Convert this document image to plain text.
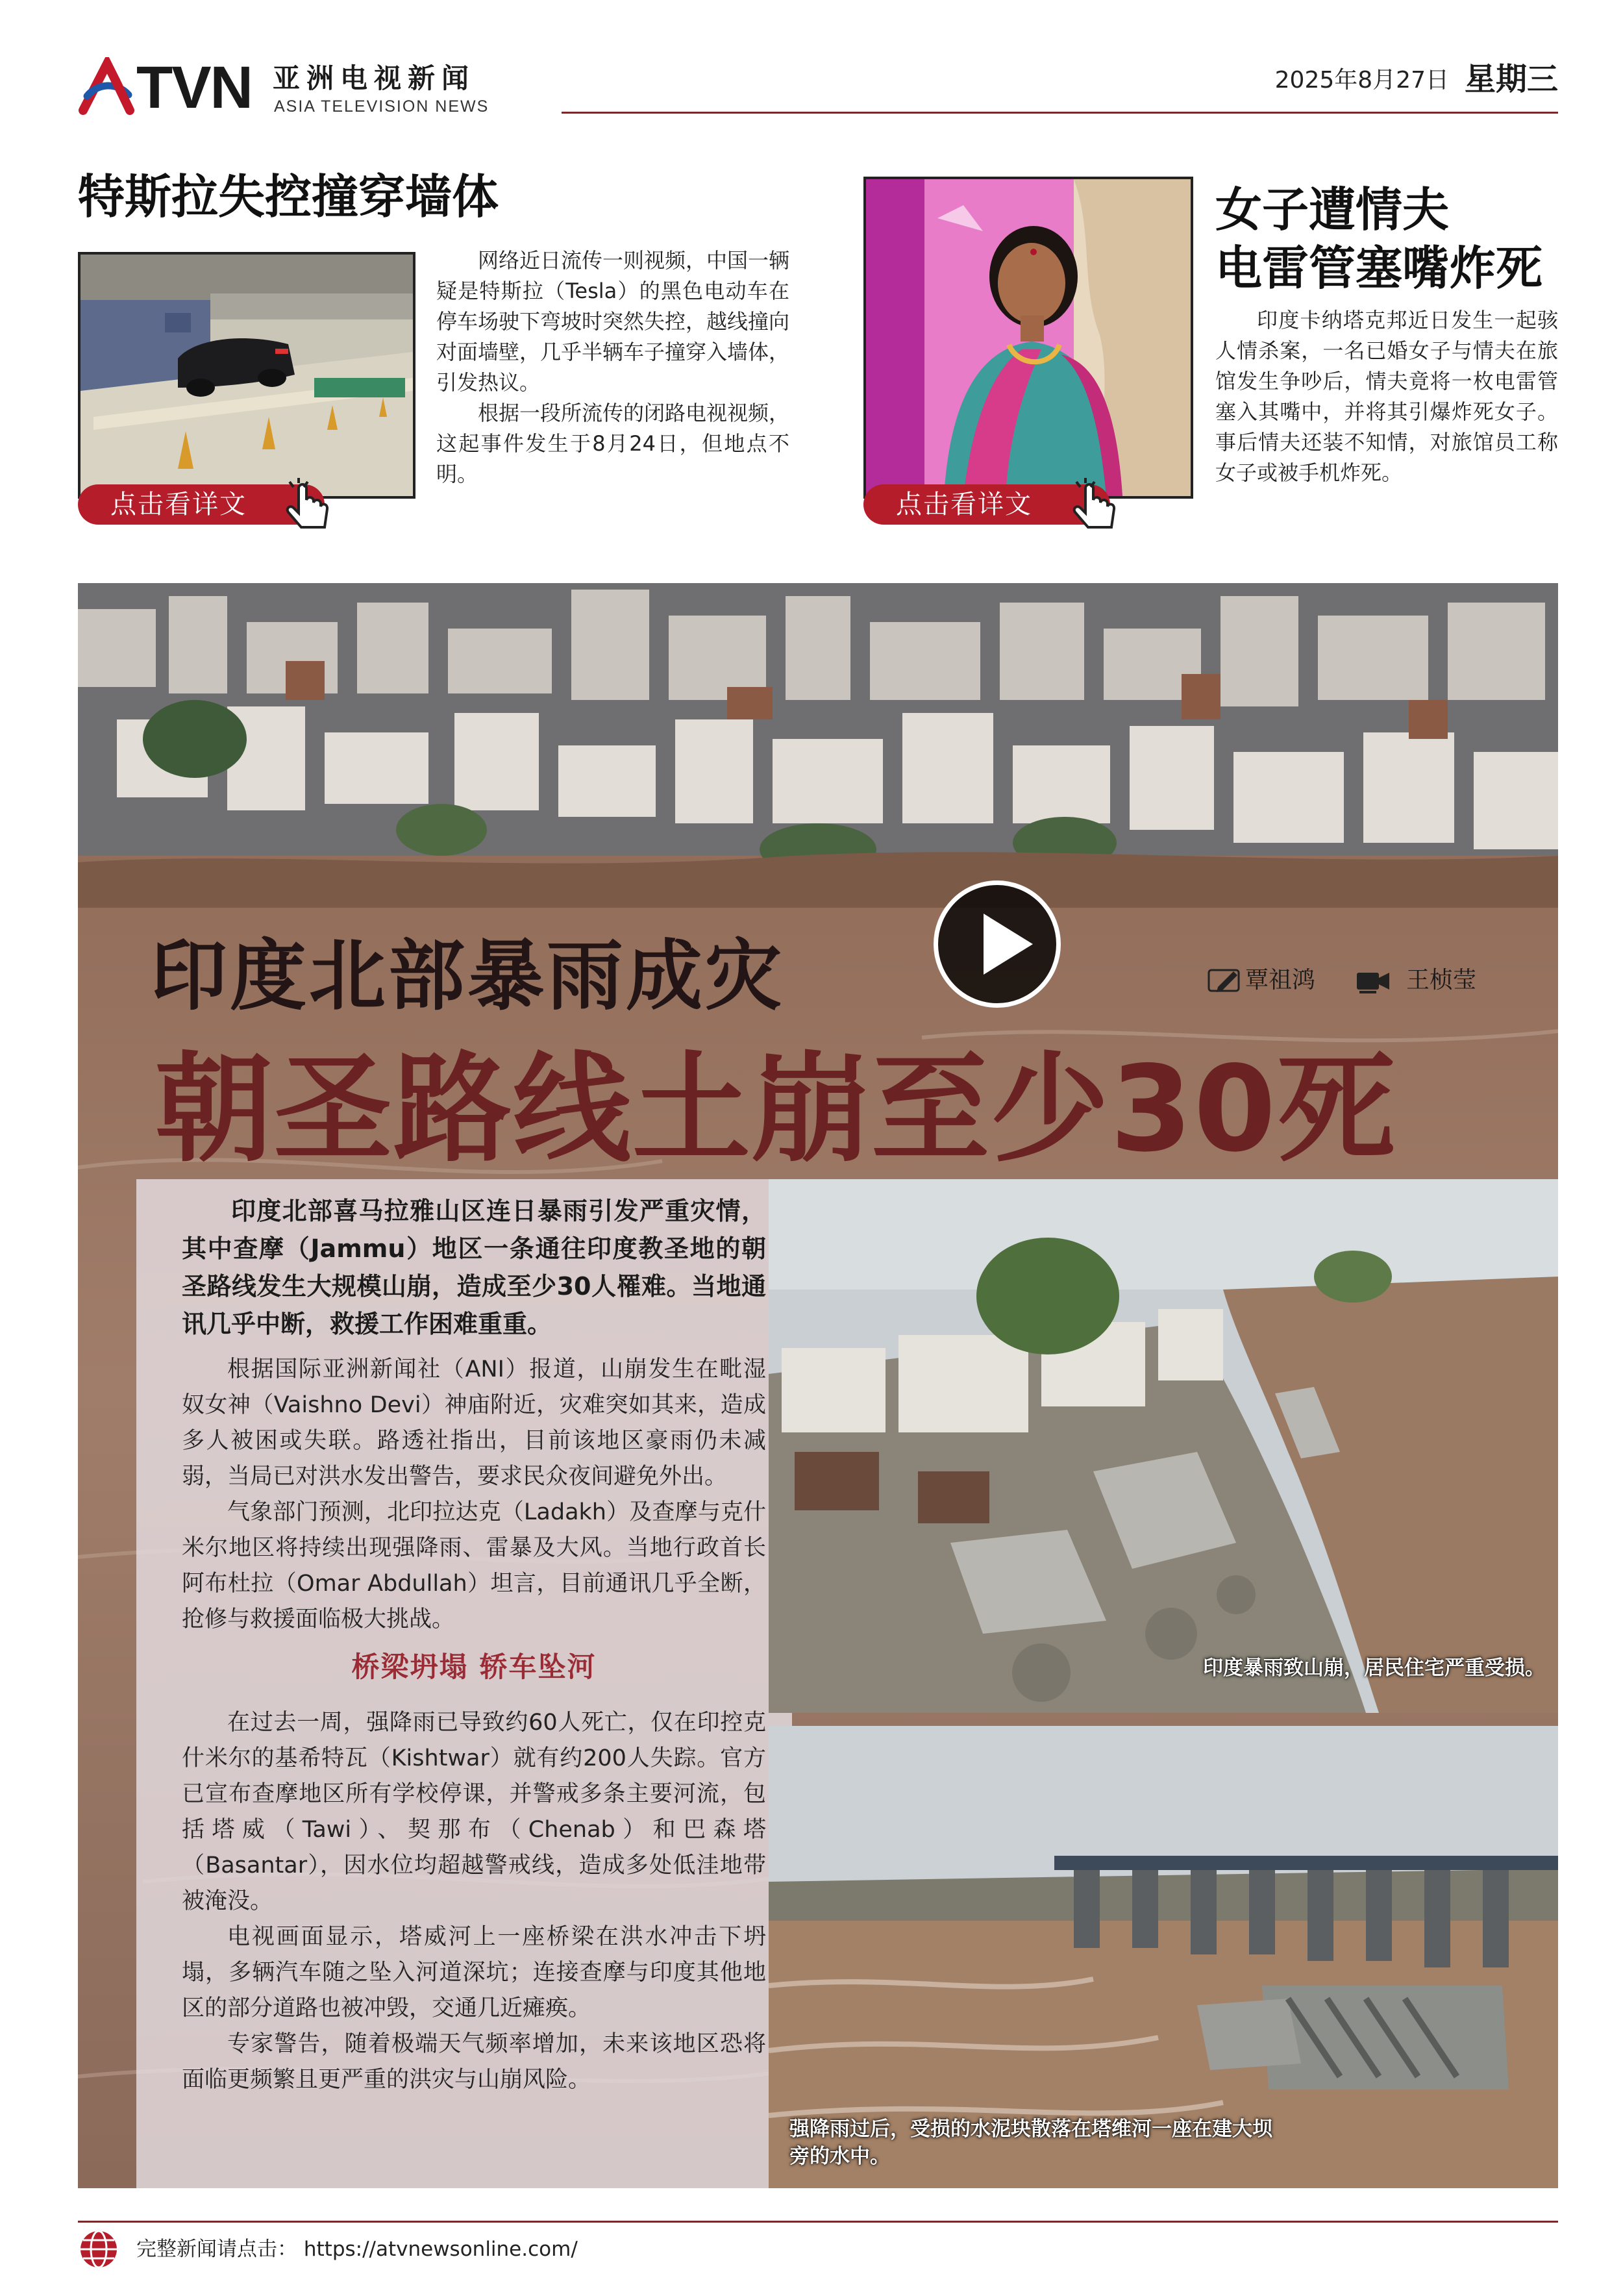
TVN 亚洲电视新闻
ASIA TELEVISION NEWS
2025年8月27日 星期三
特斯拉失控撞穿墙体
点击看详文

网络近日流传一则视频，中国一辆疑是特斯拉（Tesla）的黑色电动车在停车场驶下弯坡时突然失控，越线撞向对面墙壁，几乎半辆车子撞穿入墙体，引发热议。

根据一段所流传的闭路电视视频，这起事件发生于8月24日，但地点不明。

点击看详文
女子遭情夫
电雷管塞嘴炸死

印度卡纳塔克邦近日发生一起骇人情杀案，一名已婚女子与情夫在旅馆发生争吵后，情夫竟将一枚电雷管塞入其嘴中，并将其引爆炸死女子。事后情夫还装不知情，对旅馆员工称女子或被手机炸死。

印度北部暴雨成灾
朝圣路线土崩至少30死
覃祖鸿	王桢莹

印度北部喜马拉雅山区连日暴雨引发严重灾情，其中查摩（Jammu）地区一条通往印度教圣地的朝圣路线发生大规模山崩，造成至少30人罹难。当地通讯几乎中断，救援工作困难重重。

根据国际亚洲新闻社（ANI）报道，山崩发生在毗湿奴女神（Vaishno Devi）神庙附近，灾难突如其来，造成多人被困或失联。路透社指出，目前该地区豪雨仍未减弱，当局已对洪水发出警告，要求民众夜间避免外出。

气象部门预测，北印拉达克（Ladakh）及查摩与克什米尔地区将持续出现强降雨、雷暴及大风。当地行政首长阿布杜拉（Omar Abdullah）坦言，目前通讯几乎全断，抢修与救援面临极大挑战。

桥梁坍塌 轿车坠河

在过去一周，强降雨已导致约60人死亡，仅在印控克什米尔的基希特瓦（Kishtwar）就有约200人失踪。官方已宣布查摩地区所有学校停课，并警戒多条主要河流，包括塔威（Tawi）、契那布（Chenab）和巴森塔（Basantar），因水位均超越警戒线，造成多处低洼地带被淹没。

电视画面显示，塔威河上一座桥梁在洪水冲击下坍塌，多辆汽车随之坠入河道深坑；连接查摩与印度其他地区的部分道路也被冲毁，交通几近瘫痪。

专家警告，随着极端天气频率增加，未来该地区恐将面临更频繁且更严重的洪灾与山崩风险。

印度暴雨致山崩，居民住宅严重受损。
强降雨过后，受损的水泥块散落在塔维河一座在建大坝旁的水中。
完整新闻请点击： https://atvnewsonline.com/
